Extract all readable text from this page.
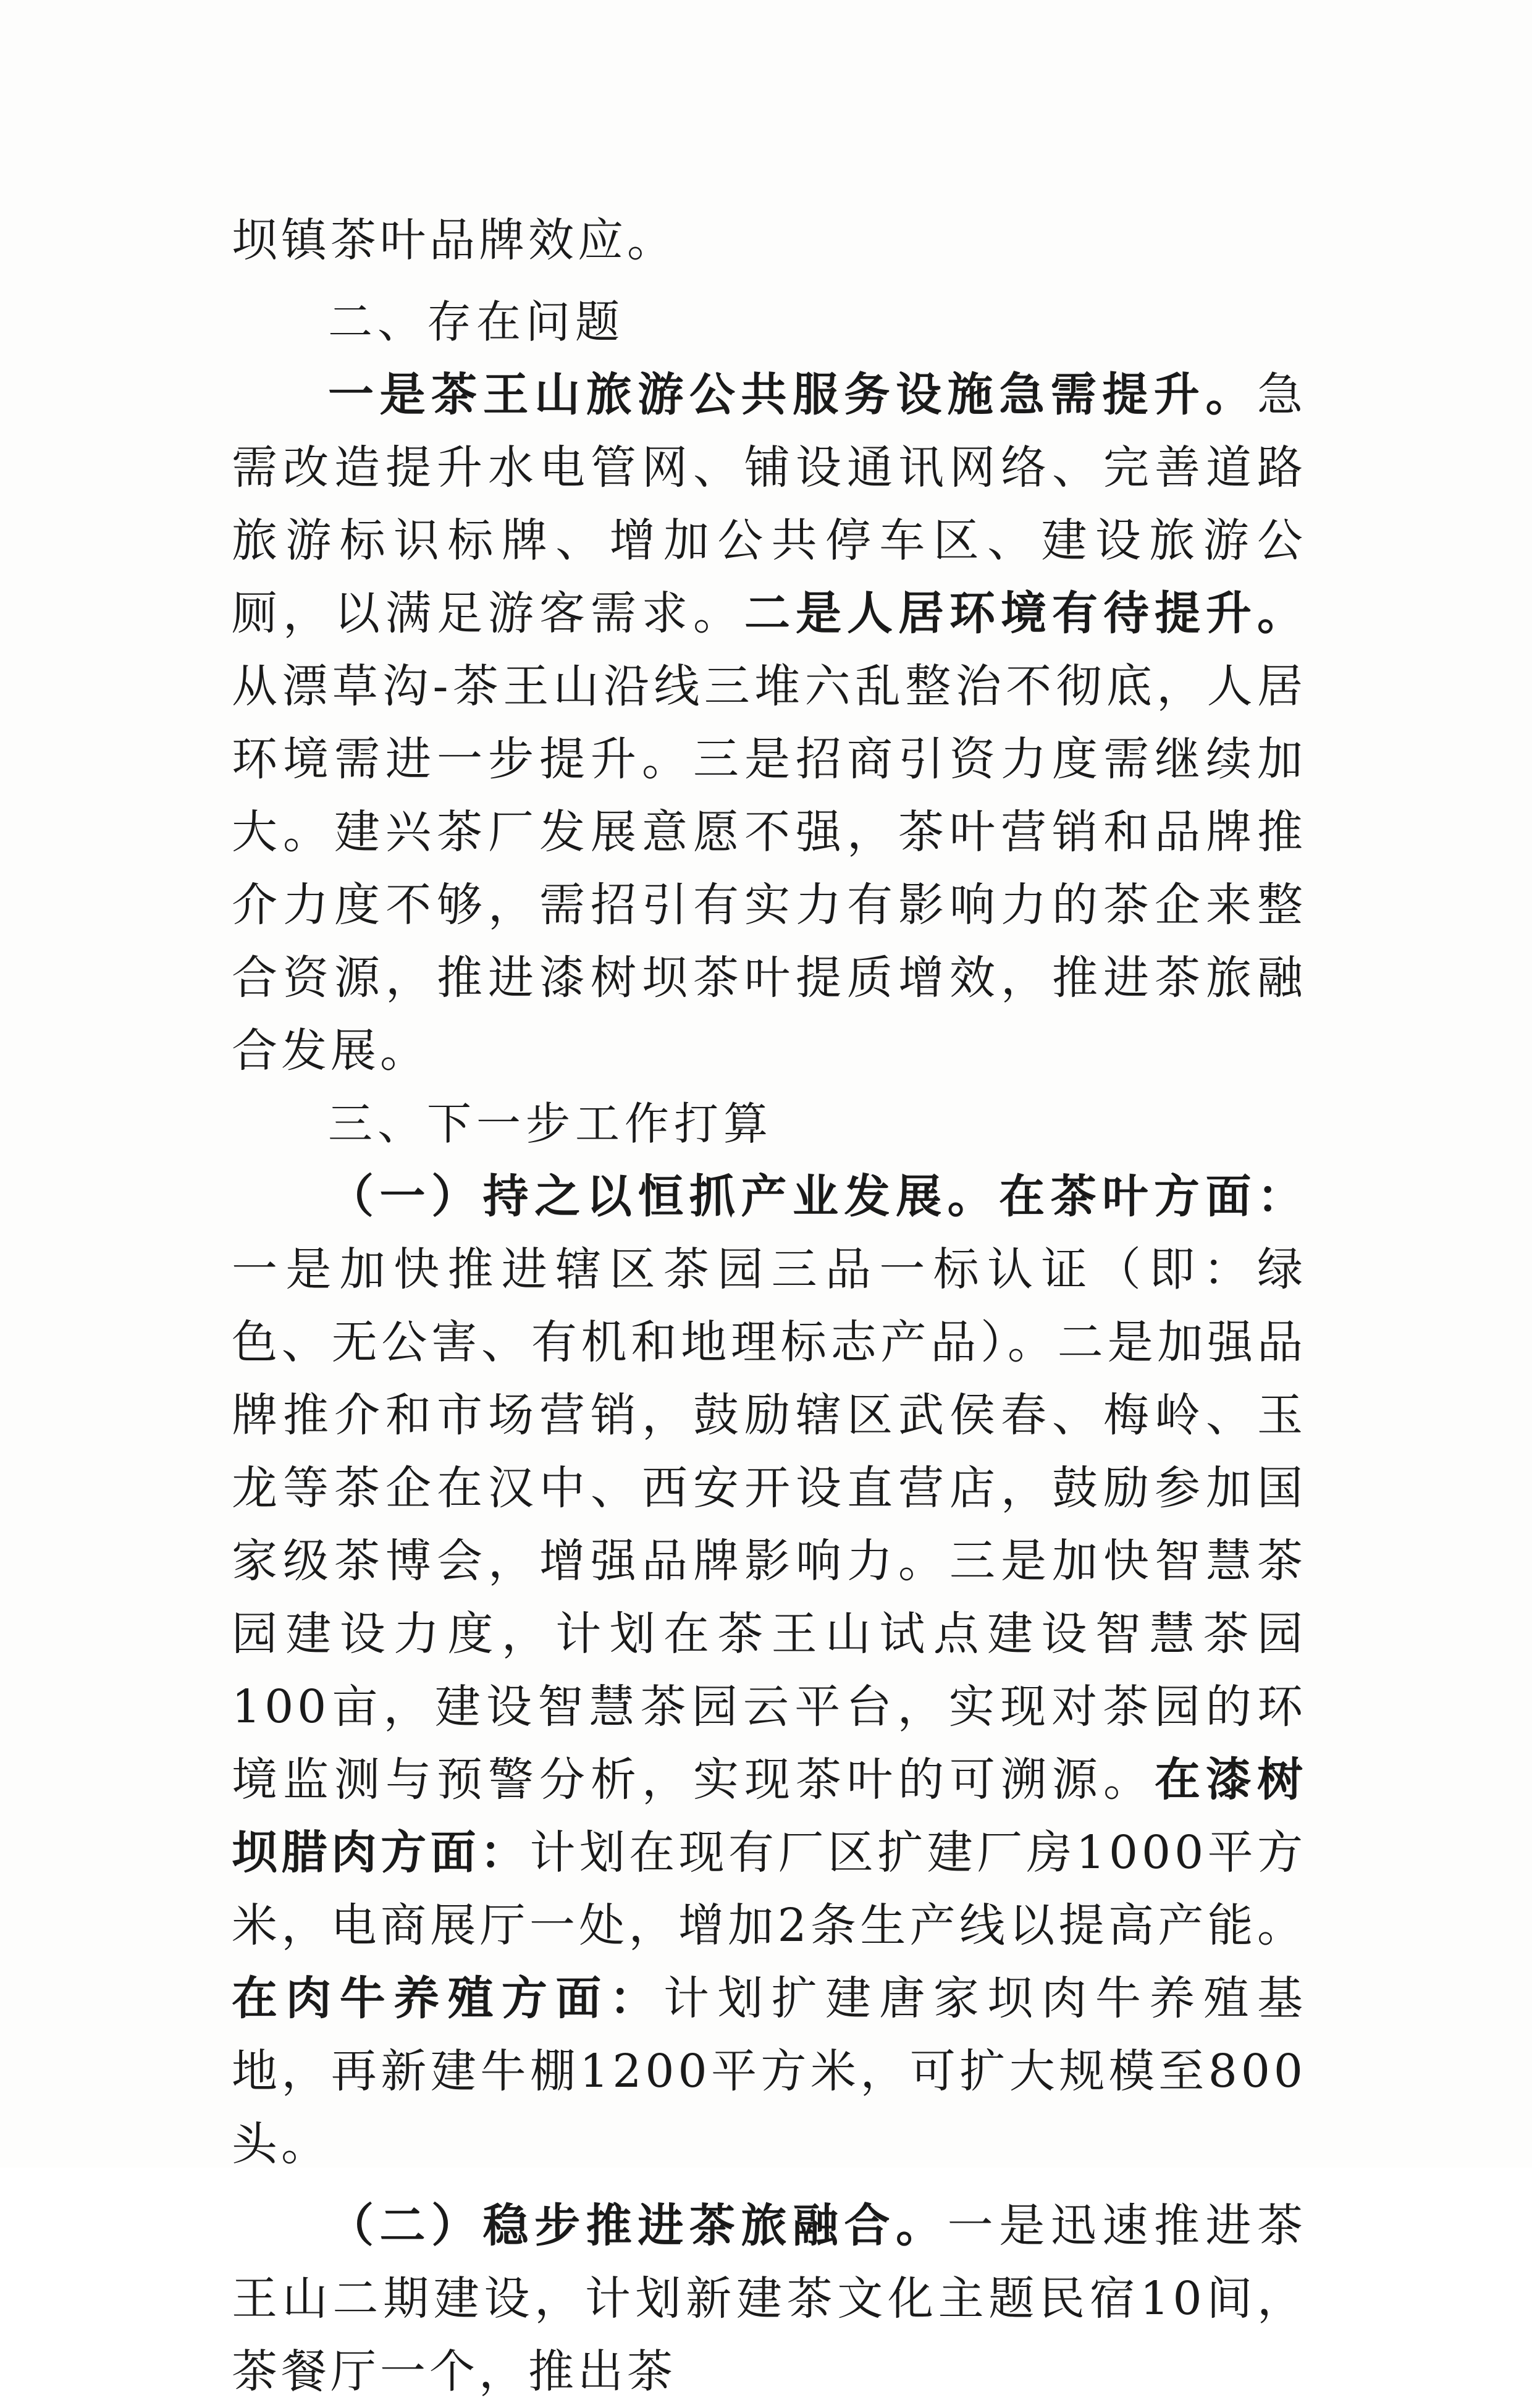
坝镇茶叶品牌效应。

二、存在问题

一是茶王山旅游公共服务设施急需提升。急需改造提升水电管网、铺设通讯网络、完善道路旅游标识标牌、增加公共停车区、建设旅游公厕，以满足游客需求。二是人居环境有待提升。从漂草沟-茶王山沿线三堆六乱整治不彻底，人居环境需进一步提升。三是招商引资力度需继续加大。建兴茶厂发展意愿不强，茶叶营销和品牌推介力度不够，需招引有实力有影响力的茶企来整合资源，推进漆树坝茶叶提质增效，推进茶旅融合发展。

三、下一步工作打算

（一）持之以恒抓产业发展。在茶叶方面：一是加快推进辖区茶园三品一标认证（即：绿色、无公害、有机和地理标志产品）。二是加强品牌推介和市场营销，鼓励辖区武侯春、梅岭、玉龙等茶企在汉中、西安开设直营店，鼓励参加国家级茶博会，增强品牌影响力。三是加快智慧茶园建设力度，计划在茶王山试点建设智慧茶园100亩，建设智慧茶园云平台，实现对茶园的环境监测与预警分析，实现茶叶的可溯源。在漆树坝腊肉方面：计划在现有厂区扩建厂房1000平方米，电商展厅一处，增加2条生产线以提高产能。在肉牛养殖方面：计划扩建唐家坝肉牛养殖基地，再新建牛棚1200平方米，可扩大规模至800头。

（二）稳步推进茶旅融合。一是迅速推进茶王山二期建设，计划新建茶文化主题民宿10间，茶餐厅一个，推出茶
